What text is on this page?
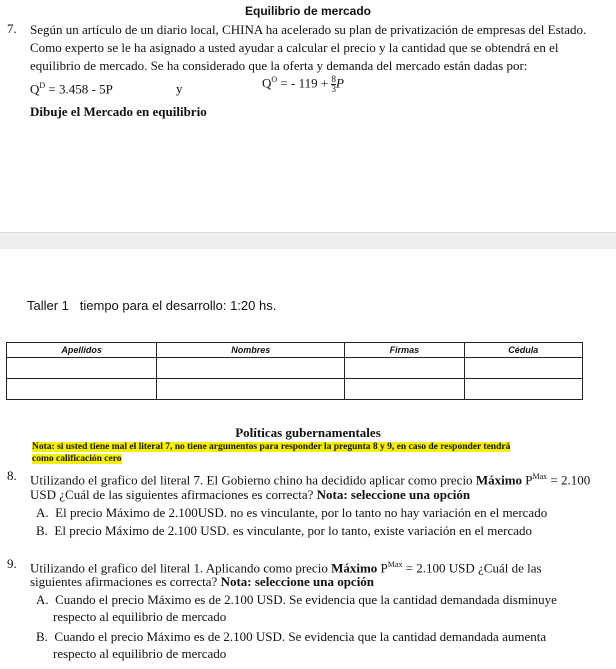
Equilibrio de mercado
7. Según un artículo de un diario local, CHINA ha acelerado su plan de privatización de empresas del Estado.
Como experto se le ha asignado a usted ayudar a calcular el precio y la cantidad que se obtendrá en el
equilibrio de mercado. Se ha considerado que la oferta y demanda del mercado están dadas por:
$Q^D = 3.458 - 5P$	y	$Q^O$ = - $119 + \frac{8}{3}$ P
Dibuje el Mercado en equilibrio
Taller 1 tiempo para el desarrollo: 1:20 hs.
Apellidos	Nombres	Firmas	Cédula

Políticas gubernamentales
Nota: si usted tiene mal el literal 7, no tiene argumentos para responder la pregunta 8 y 9, en caso de responder tendrá
como calificación cero
8. Utilizando el grafico del literal 7. El Gobierno chino ha decidido aplicar como precio Máximo $P^{Max} = 2.100$
USD ¿Cuál de las siguientes afirmaciones es correcta? Nota: seleccione una opción
A. El precio Máximo de 2.100USD. no es vinculante, por lo tanto no hay variación en el mercado
B. El precio Máximo de 2.100 USD. es vinculante, por lo tanto, existe variación en el mercado
9. Utilizando el grafico del literal 1. Aplicando como precio Máximo $P^{Max} = 2.100$ USD ¿Cuál de las
siguientes afirmaciones es correcta? Nota: seleccione una opción
A. Cuando el precio Máximo es de 2.100 USD. Se evidencia que la cantidad demandada disminuye
respecto al equilibrio de mercado
B. Cuando el precio Máximo es de 2.100 USD. Se evidencia que la cantidad demandada aumenta
respecto al equilibrio de mercado
